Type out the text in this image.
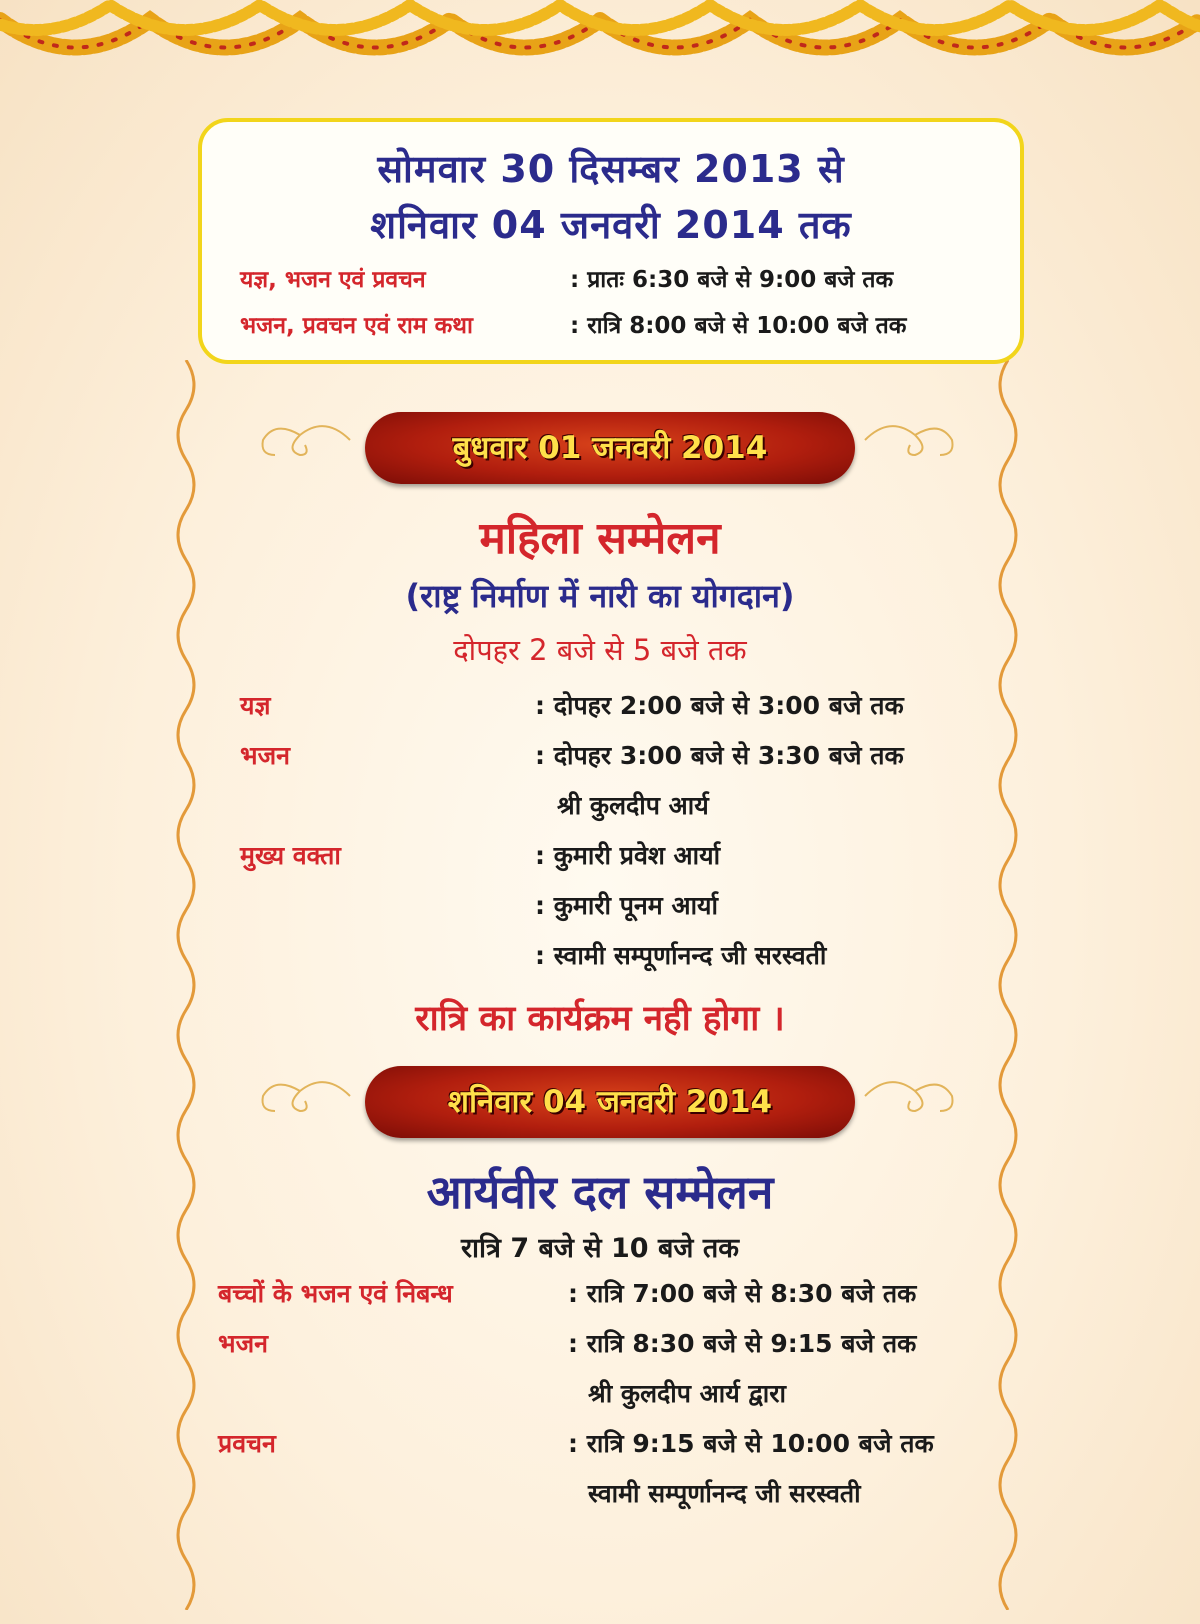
सोमवार 30 दिसम्बर 2013 से
शनिवार 04 जनवरी 2014 तक
यज्ञ, भजन एवं प्रवचन	: प्रातः 6:30 बजे से 9:00 बजे तक
भजन, प्रवचन एवं राम कथा	: रात्रि 8:00 बजे से 10:00 बजे तक
बुधवार 01 जनवरी 2014
महिला सम्मेलन
(राष्ट्र निर्माण में नारी का योगदान)
दोपहर 2 बजे से 5 बजे तक
यज्ञ	: दोपहर 2:00 बजे से 3:00 बजे तक
भजन	: दोपहर 3:00 बजे से 3:30 बजे तक
श्री कुलदीप आर्य
मुख्य वक्ता	: कुमारी प्रवेश आर्या
: कुमारी पूनम आर्या
: स्वामी सम्पूर्णानन्द जी सरस्वती
रात्रि का कार्यक्रम नही होगा ।
शनिवार 04 जनवरी 2014
आर्यवीर दल सम्मेलन
रात्रि 7 बजे से 10 बजे तक
बच्चों के भजन एवं निबन्ध	: रात्रि 7:00 बजे से 8:30 बजे तक
भजन	: रात्रि 8:30 बजे से 9:15 बजे तक
श्री कुलदीप आर्य द्वारा
प्रवचन	: रात्रि 9:15 बजे से 10:00 बजे तक
स्वामी सम्पूर्णानन्द जी सरस्वती
